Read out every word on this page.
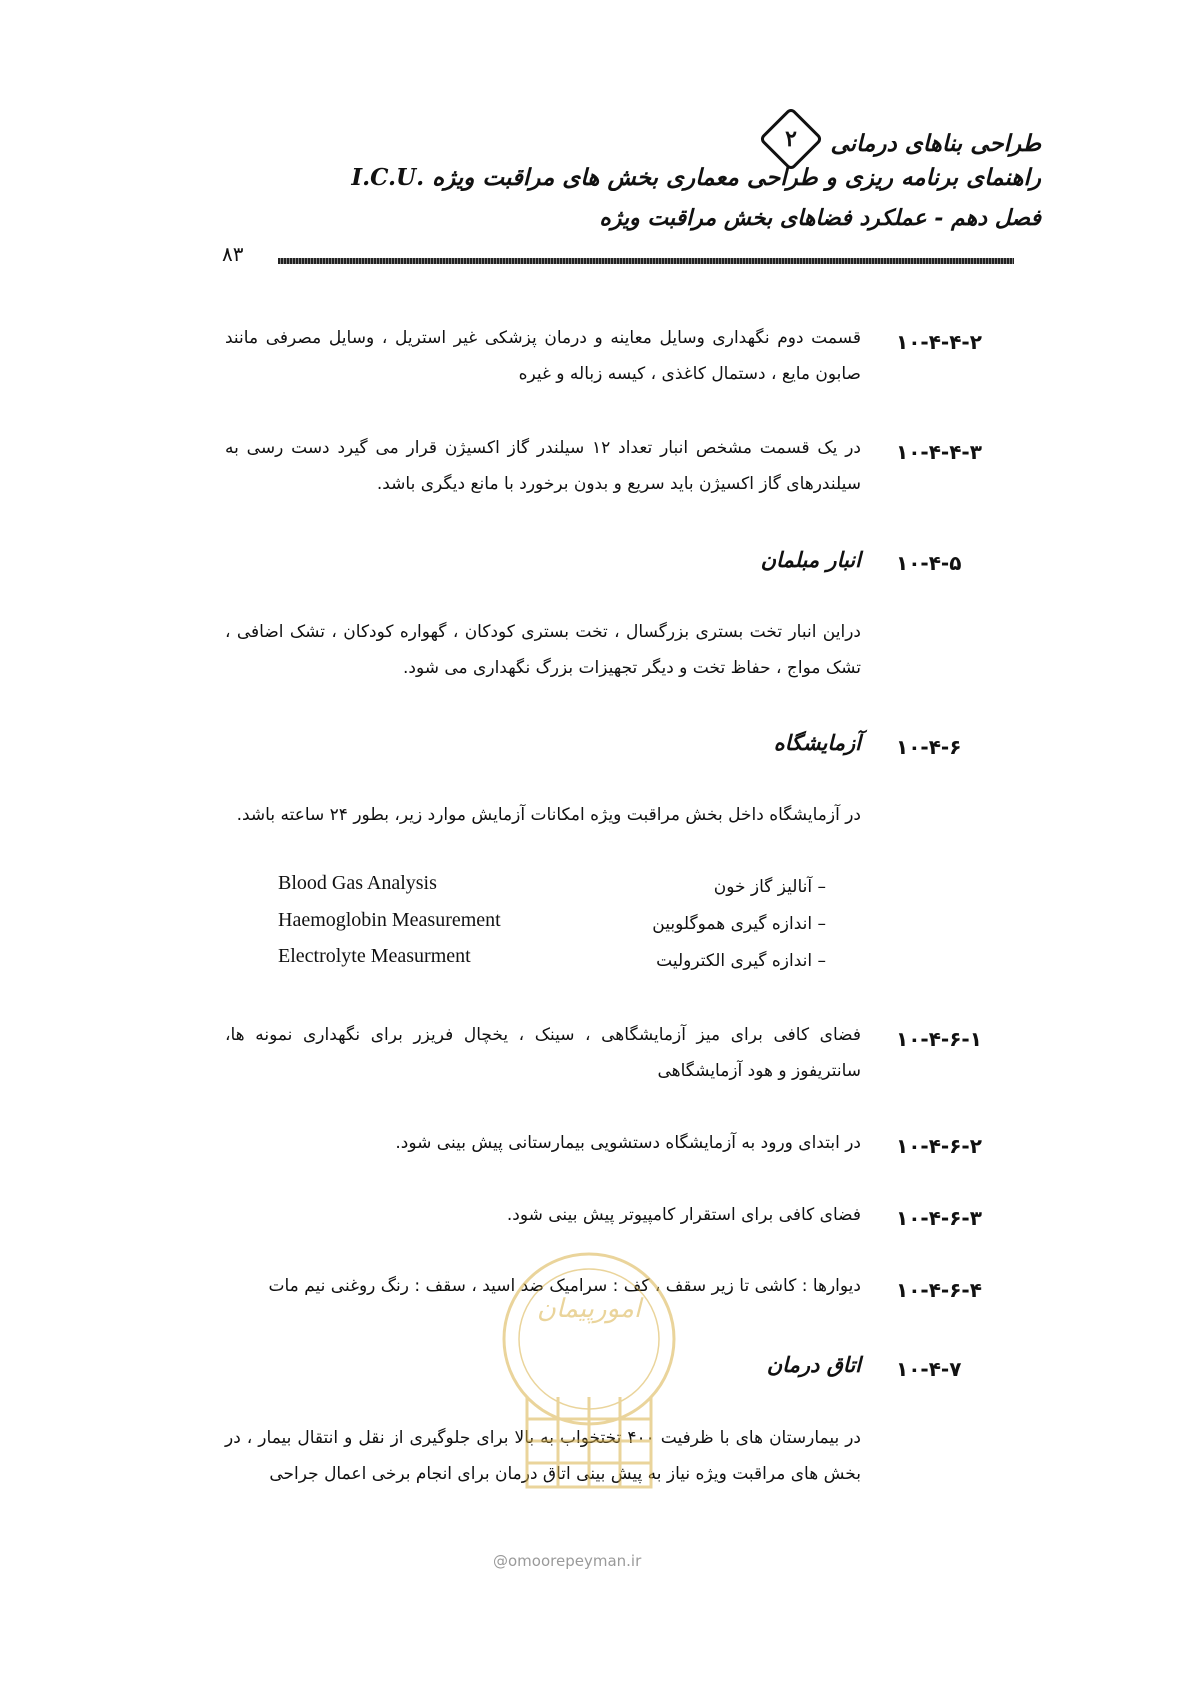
طراحی بناهای درمانی
۲
راهنمای برنامه ریزی و طراحی معماری بخش های مراقبت ویژه .I.C.U
فصل دهم - عملکرد فضاهای بخش مراقبت ویژه
۸۳
۱۰-۴-۴-۲
قسمت دوم نگهداری وسایل معاینه و درمان پزشکی غیر استریل ، وسایل مصرفی مانند صابون مایع ، دستمال کاغذی ، کیسه زباله و غیره
۱۰-۴-۴-۳
در یک قسمت مشخص انبار تعداد ۱۲ سیلندر گاز اکسیژن قرار می گیرد دست رسی به سیلندرهای گاز اکسیژن باید سریع و بدون برخورد با مانع دیگری باشد.
۱۰-۴-۵
انبار مبلمان
دراین انبار تخت بستری بزرگسال ، تخت بستری کودکان ، گهواره کودکان ، تشک اضافی ، تشک مواج ، حفاظ تخت و دیگر تجهیزات بزرگ نگهداری می شود.
۱۰-۴-۶
آزمایشگاه
در آزمایشگاه داخل بخش مراقبت ویژه امکانات آزمایش موارد زیر، بطور ۲۴ ساعته باشد.
– آنالیز گاز خون
Blood Gas Analysis
– اندازه گیری هموگلوبین
Haemoglobin Measurement
– اندازه گیری الکترولیت
Electrolyte Measurment
۱۰-۴-۶-۱
فضای کافی برای میز آزمایشگاهی ، سینک ، یخچال فریزر برای نگهداری نمونه ها، سانتریفوز و هود آزمایشگاهی
۱۰-۴-۶-۲
در ابتدای ورود به آزمایشگاه دستشویی بیمارستانی پیش بینی شود.
۱۰-۴-۶-۳
فضای کافی برای استقرار کامپیوتر پیش بینی شود.
۱۰-۴-۶-۴
دیوارها : کاشی تا زیر سقف ، کف : سرامیک ضد اسید ، سقف : رنگ روغنی نیم مات
۱۰-۴-۷
اتاق درمان
در بیمارستان های با ظرفیت ۴۰۰ تختخواب به بالا برای جلوگیری از نقل و انتقال بیمار ، در بخش های مراقبت ویژه نیاز به پیش بینی اتاق درمان برای انجام برخی اعمال جراحی
امورپیمان
@omoorepeyman.ir
